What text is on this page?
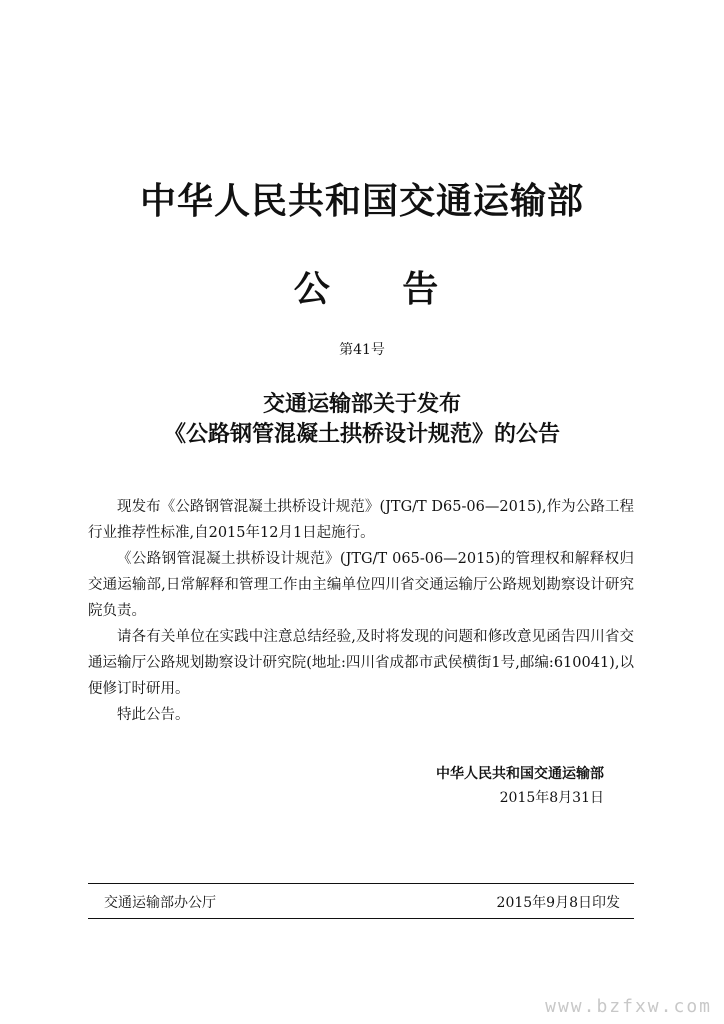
中华人民共和国交通运输部
公 告
第41号
交通运输部关于发布
《公路钢管混凝土拱桥设计规范》的公告

现发布《公路钢管混凝土拱桥设计规范》(JTG/T D65-06—2015),作为公路工程行业推荐性标准,自2015年12月1日起施行。

《公路钢管混凝土拱桥设计规范》(JTG/T 065-06—2015)的管理权和解释权归交通运输部,日常解释和管理工作由主编单位四川省交通运输厅公路规划勘察设计研究院负责。

请各有关单位在实践中注意总结经验,及时将发现的问题和修改意见函告四川省交通运输厅公路规划勘察设计研究院(地址:四川省成都市武侯横街1号,邮编:610041),以便修订时研用。

特此公告。

中华人民共和国交通运输部
2015年8月31日
交通运输部办公厅	2015年9月8日印发
www.bzfxw.com
